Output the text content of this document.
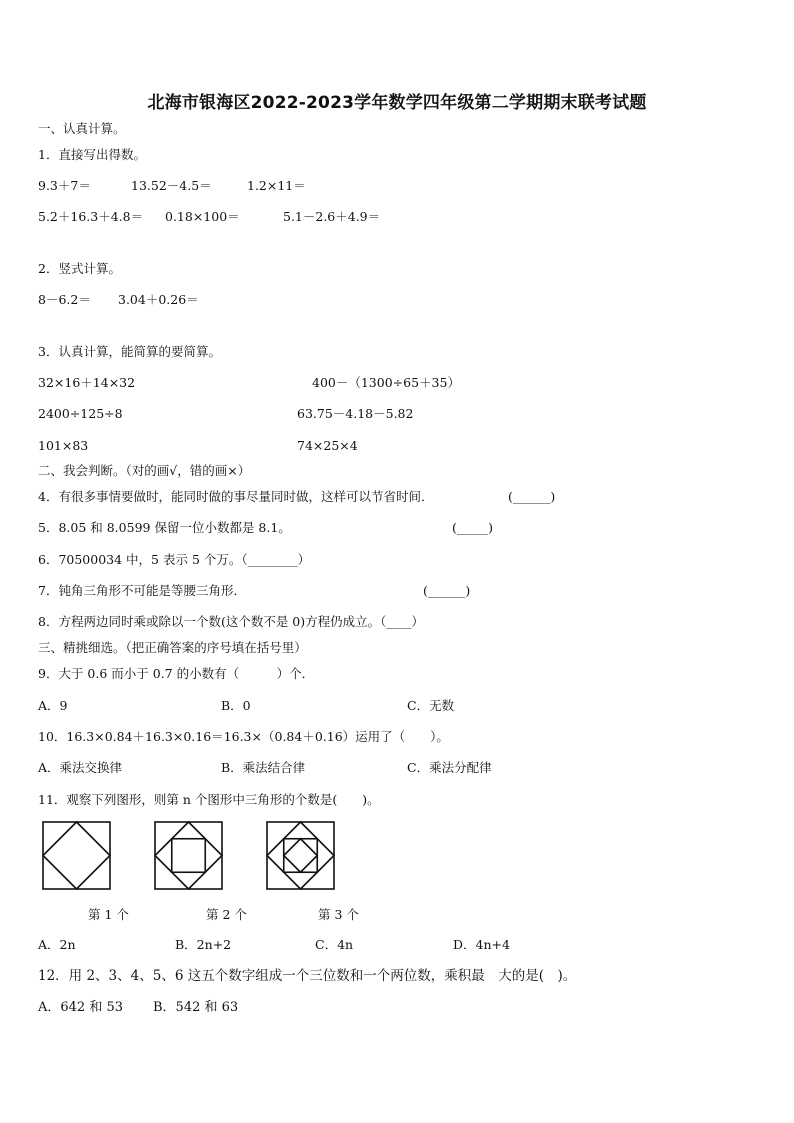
北海市银海区2022-2023学年数学四年级第二学期期末联考试题
一、认真计算。
1．直接写出得数。
9.3＋7＝	13.52－4.5＝	1.2×11＝
5.2＋16.3＋4.8＝ 0.18×100＝	5.1－2.6＋4.9＝
2．竖式计算。
8－6.2＝ 3.04＋0.26＝
3．认真计算，能简算的要简算。
32×16＋14×32	400－（1300÷65＋35）
2400÷125÷8	63.75－4.18－5.82
101×83	74×25×4
二、我会判断。（对的画√，错的画×）
4．有很多事情要做时，能同时做的事尽量同时做，这样可以节省时间．	(______)
5．8.05 和 8.0599 保留一位小数都是 8.1。	(_____)
6．70500034 中，5 表示 5 个万。（________）
7．钝角三角形不可能是等腰三角形．	(______)
8．方程两边同时乘或除以一个数(这个数不是 0)方程仍成立。（____）
三、精挑细选。（把正确答案的序号填在括号里）
9．大于 0.6 而小于 0.7 的小数有（　　　）个．
A．9	B．0	C．无数
10．16.3×0.84＋16.3×0.16＝16.3×（0.84＋0.16）运用了（　　）。
A．乘法交换律	B．乘法结合律	C．乘法分配律
11．观察下列图形，则第 n 个图形中三角形的个数是(　　)。
第 1 个	第 2 个	第 3 个
A．2n	B．2n+2	C．4n	D．4n+4
12．用 2、3、4、5、6 这五个数字组成一个三位数和一个两位数，乘积最　大的是(　)。
A．642 和 53 B．542 和 63
